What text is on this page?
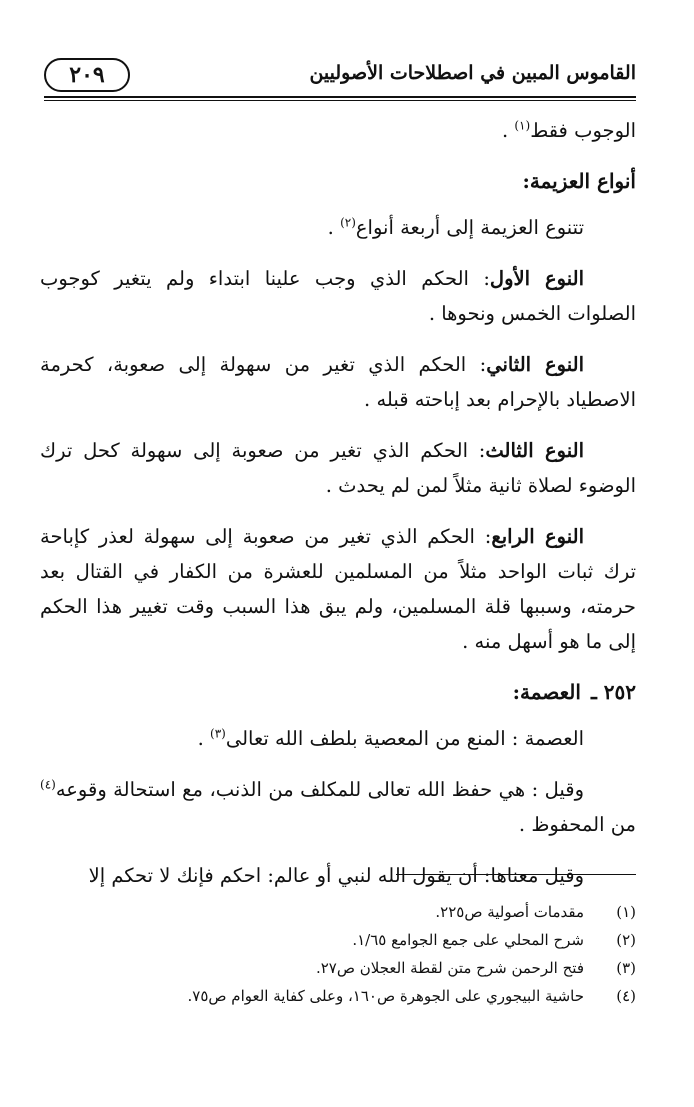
القاموس المبين في اصطلاحات الأصوليين
٢٠٩

الوجوب فقط$^{(١)}$ .

أنواع العزيمة:

تتنوع العزيمة إلى أربعة أنواع$^{(٢)}$ .

النوع الأول: الحكم الذي وجب علينا ابتداء ولم يتغير كوجوب الصلوات الخمس ونحوها .

النوع الثاني: الحكم الذي تغير من سهولة إلى صعوبة، كحرمة الاصطياد بالإحرام بعد إباحته قبله .

النوع الثالث: الحكم الذي تغير من صعوبة إلى سهولة كحل ترك الوضوء لصلاة ثانية مثلاً لمن لم يحدث .

النوع الرابع: الحكم الذي تغير من صعوبة إلى سهولة لعذر كإباحة ترك ثبات الواحد مثلاً من المسلمين للعشرة من الكفار في القتال بعد حرمته، وسببها قلة المسلمين، ولم يبق هذا السبب وقت تغيير هذا الحكم إلى ما هو أسهل منه .

٢٥٢ ـ
العصمة:

العصمة : المنع من المعصية بلطف الله تعالى$^{(٣)}$ .

وقيل : هي حفظ الله تعالى للمكلف من الذنب، مع استحالة وقوعه$^{(٤)}$ من المحفوظ .

وقيل معناها: أن يقول الله لنبي أو عالم: احكم فإنك لا تحكم إلا

(١)
مقدمات أصولية ص٢٢٥.
(٢)
شرح المحلي على جمع الجوامع ١/٦٥.
(٣)
فتح الرحمن شرح متن لقطة العجلان ص٢٧.
(٤)
حاشية البيجوري على الجوهرة ص١٦٠، وعلى كفاية العوام ص٧٥.
